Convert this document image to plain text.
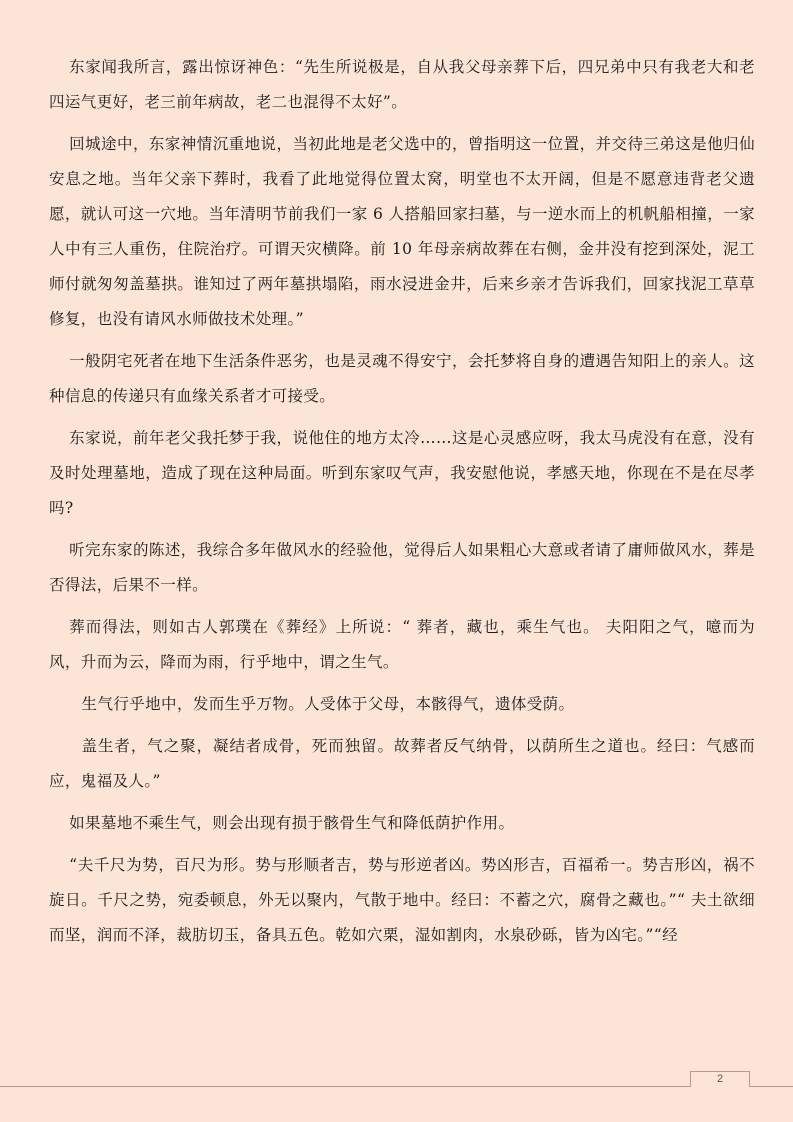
东家闻我所言，露出惊讶神色：“先生所说极是，自从我父母亲葬下后，四兄弟中只有我老大和老四运气更好，老三前年病故，老二也混得不太好”。

回城途中，东家神情沉重地说，当初此地是老父选中的，曾指明这一位置，并交待三弟这是他归仙安息之地。当年父亲下葬时，我看了此地觉得位置太窝，明堂也不太开阔，但是不愿意违背老父遗愿，就认可这一穴地。当年清明节前我们一家 6 人搭船回家扫墓，与一逆水而上的机帆船相撞，一家人中有三人重伤，住院治疗。可谓天灾横降。前 10 年母亲病故葬在右侧，金井没有挖到深处，泥工师付就匆匆盖墓拱。谁知过了两年墓拱塌陷，雨水浸进金井，后来乡亲才告诉我们，回家找泥工草草修复，也没有请风水师做技术处理。”

一般阴宅死者在地下生活条件恶劣，也是灵魂不得安宁，会托梦将自身的遭遇告知阳上的亲人。这种信息的传递只有血缘关系者才可接受。

东家说，前年老父我托梦于我，说他住的地方太冷……这是心灵感应呀，我太马虎没有在意，没有及时处理墓地，造成了现在这种局面。听到东家叹气声，我安慰他说，孝感天地，你现在不是在尽孝吗?

听完东家的陈述，我综合多年做风水的经验他，觉得后人如果粗心大意或者请了庸师做风水，葬是否得法，后果不一样。

葬而得法，则如古人郭璞在《葬经》上所说：“ 葬者，藏也，乘生气也。 夫阳阳之气，噫而为风，升而为云，降而为雨，行乎地中，谓之生气。

生气行乎地中，发而生乎万物。人受体于父母，本骸得气，遗体受荫。

盖生者，气之聚，凝结者成骨，死而独留。故葬者反气纳骨，以荫所生之道也。经曰：气感而应，鬼福及人。”

如果墓地不乘生气，则会出现有损于骸骨生气和降低荫护作用。

“夫千尺为势，百尺为形。势与形顺者吉，势与形逆者凶。势凶形吉，百福希一。势吉形凶，祸不旋日。千尺之势，宛委顿息，外无以聚内，气散于地中。经曰：不蓄之穴，腐骨之藏也。”“ 夫土欲细而坚，润而不泽，裁肪切玉，备具五色。乾如穴栗，湿如割肉，水泉砂砾，皆为凶宅。”“经

2
